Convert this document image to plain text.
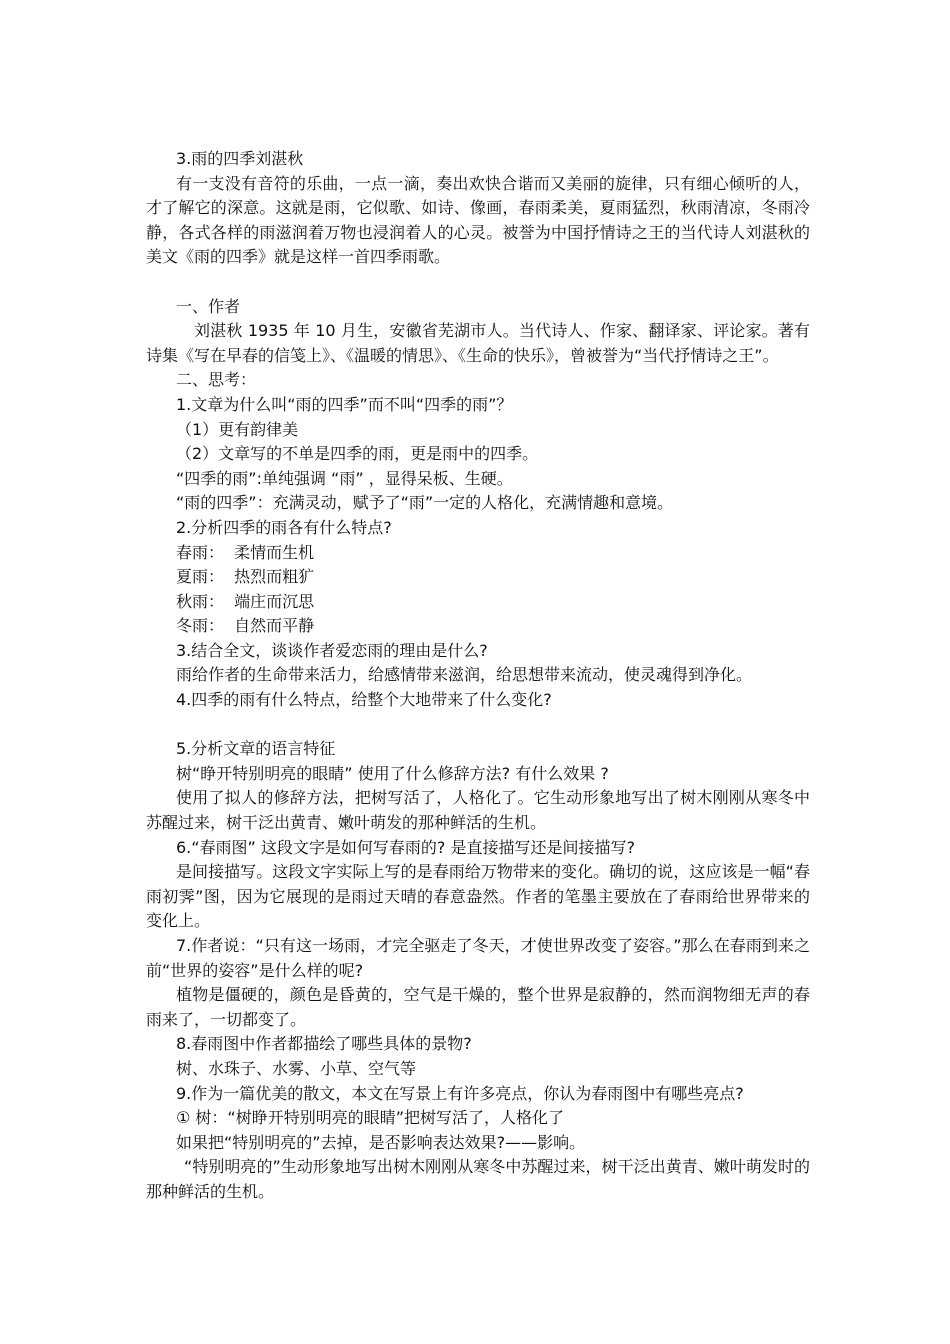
3.雨的四季刘湛秋

有一支没有音符的乐曲，一点一滴，奏出欢快合谐而又美丽的旋律，只有细心倾听的人，才了解它的深意。这就是雨，它似歌、如诗、像画，春雨柔美，夏雨猛烈，秋雨清凉，冬雨冷静，各式各样的雨滋润着万物也浸润着人的心灵。被誉为中国抒情诗之王的当代诗人刘湛秋的美文《雨的四季》就是这样一首四季雨歌。

一、作者

刘湛秋 1935 年 10 月生，安徽省芜湖市人。当代诗人、作家、翻译家、评论家。著有诗集《写在早春的信笺上》、《温暖的情思》、《生命的快乐》，曾被誉为“当代抒情诗之王”。

二、思考：
1.文章为什么叫“雨的四季”而不叫“四季的雨”？
（1）更有韵律美
（2）文章写的不单是四季的雨，更是雨中的四季。
“四季的雨”:单纯强调 “雨” ，显得呆板、生硬。
“雨的四季”：充满灵动，赋予了“雨”一定的人格化，充满情趣和意境。
2.分析四季的雨各有什么特点?
春雨：  柔情而生机
夏雨：  热烈而粗犷
秋雨：  端庄而沉思
冬雨：  自然而平静
3.结合全文，谈谈作者爱恋雨的理由是什么?
雨给作者的生命带来活力，给感情带来滋润，给思想带来流动，使灵魂得到净化。
4.四季的雨有什么特点，给整个大地带来了什么变化?
5.分析文章的语言特征
树“睁开特别明亮的眼睛” 使用了什么修辞方法? 有什么效果 ?

使用了拟人的修辞方法，把树写活了，人格化了。它生动形象地写出了树木刚刚从寒冬中苏醒过来，树干泛出黄青、嫩叶萌发的那种鲜活的生机。

6.“春雨图” 这段文字是如何写春雨的? 是直接描写还是间接描写?

是间接描写。这段文字实际上写的是春雨给万物带来的变化。确切的说，这应该是一幅“春雨初霁”图，因为它展现的是雨过天晴的春意盎然。作者的笔墨主要放在了春雨给世界带来的变化上。

7.作者说：“只有这一场雨，才完全驱走了冬天，才使世界改变了姿容。”那么在春雨到来之前“世界的姿容”是什么样的呢?

植物是僵硬的，颜色是昏黄的，空气是干燥的，整个世界是寂静的，然而润物细无声的春雨来了，一切都变了。

8.春雨图中作者都描绘了哪些具体的景物?
树、水珠子、水雾、小草、空气等
9.作为一篇优美的散文，本文在写景上有许多亮点，你认为春雨图中有哪些亮点?
① 树：“树睁开特别明亮的眼睛”把树写活了，人格化了
如果把“特别明亮的”去掉，是否影响表达效果?——影响。

“特别明亮的”生动形象地写出树木刚刚从寒冬中苏醒过来，树干泛出黄青、嫩叶萌发时的那种鲜活的生机。
